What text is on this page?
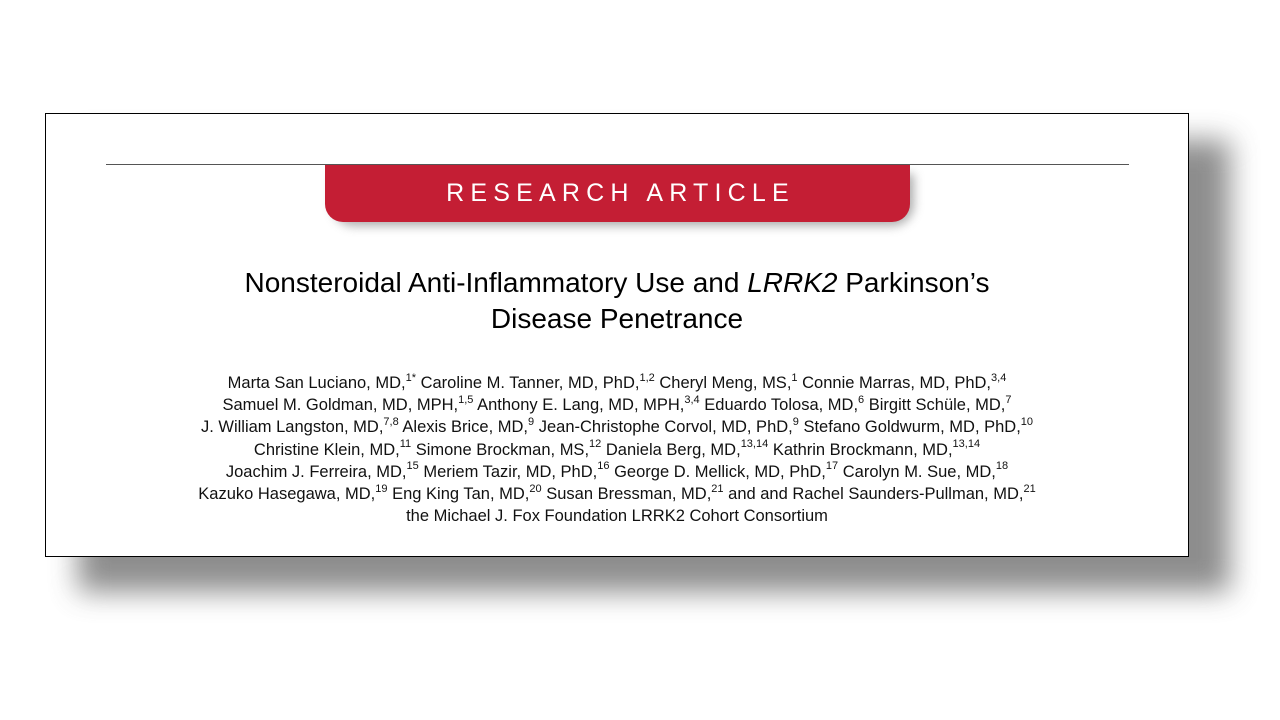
RESEARCH ARTICLE
Nonsteroidal Anti-Inflammatory Use and LRRK2 Parkinson’s
Disease Penetrance
Marta San Luciano, MD,$^{1*}$ Caroline M. Tanner, MD, PhD,$^{1,2}$ Cheryl Meng, MS,$^1$ Connie Marras, MD, PhD,$^{3,4}$
Samuel M. Goldman, MD, MPH,$^{1,5}$ Anthony E. Lang, MD, MPH,$^{3,4}$ Eduardo Tolosa, MD,$^6$ Birgitt Schüle, MD,$^7$
J. William Langston, MD,$^{7,8}$ Alexis Brice, MD,$^9$ Jean-Christophe Corvol, MD, PhD,$^9$ Stefano Goldwurm, MD, PhD,$^{10}$
Christine Klein, MD,$^{11}$ Simone Brockman, MS,$^{12}$ Daniela Berg, MD,$^{13,14}$ Kathrin Brockmann, MD,$^{13,14}$
Joachim J. Ferreira, MD,$^{15}$ Meriem Tazir, MD, PhD,$^{16}$ George D. Mellick, MD, PhD,$^{17}$ Carolyn M. Sue, MD,$^{18}$
Kazuko Hasegawa, MD,$^{19}$ Eng King Tan, MD,$^{20}$ Susan Bressman, MD,$^{21}$ and and Rachel Saunders-Pullman, MD,$^{21}$
the Michael J. Fox Foundation LRRK2 Cohort Consortium
